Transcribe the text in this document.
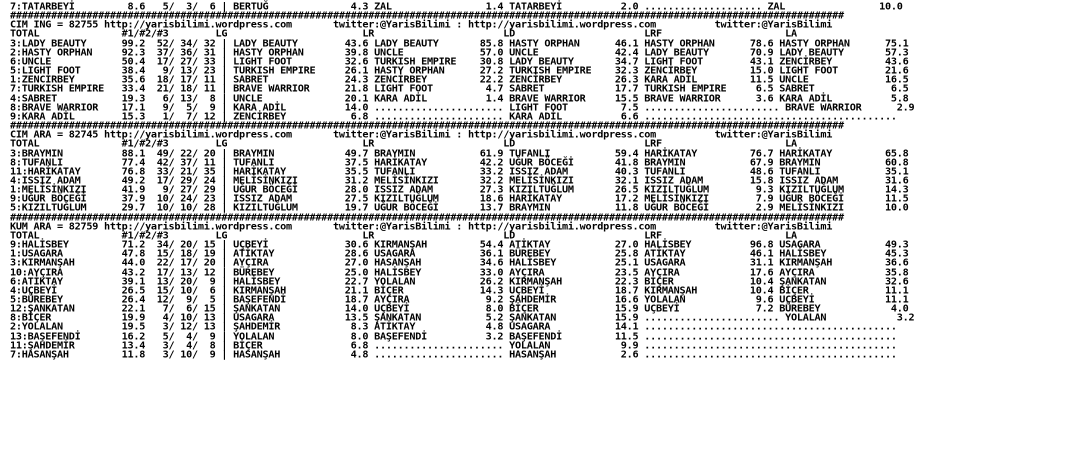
7:TATARBEYİ         8.6   5/  3/  6 | BERTUĞ              4.3 ZAL                1.4 TATARBEYİ          2.0 .................... ZAL                10.0
##############################################################################################################################################
CIM ING = 82755 http://yarisbilimi.wordpress.com       twitter:@YarisBilimi : http://yarisbilimi.wordpress.com          twitter:@YarisBilimi
TOTAL              #1/#2/#3        LG                       LR                      LD                      LRF                     LA
3:LADY BEAUTY      99.2  52/ 34/ 32 | LADY BEAUTY        43.6 LADY BEAUTY       85.8 HASTY ORPHAN      46.1 HASTY ORPHAN      78.6 HASTY ORPHAN      75.1
2:HASTY ORPHAN     92.3  37/ 36/ 31 | HASTY ORPHAN       39.8 UNCLE             57.0 UNCLE             42.4 LADY BEAUTY       70.9 LADY BEAUTY       57.3
6:UNCLE            50.4  17/ 27/ 33 | LIGHT FOOT         32.6 TURKISH EMPIRE    30.8 LADY BEAUTY       34.7 LIGHT FOOT        43.1 ZENCİRBEY         43.6
5:LIGHT FOOT       38.4   9/ 13/ 23 | TURKISH EMPIRE     26.1 HASTY ORPHAN      27.2 TURKISH EMPIRE    32.3 ZENCİRBEY         15.0 LIGHT FOOT        21.6
1:ZENCİRBEY        35.6  18/ 17/ 11 | SABRET             24.3 ZENCİRBEY         22.2 ZENCİRBEY         26.3 KARA ADİL         11.5 UNCLE             16.5
7:TURKISH EMPIRE   33.4  21/ 18/ 11 | BRAVE WARRIOR      21.8 LIGHT FOOT         4.7 SABRET            17.7 TURKISH EMPIRE     6.5 SABRET             6.5
4:SABRET           19.3   6/ 13/  8 | UNCLE              20.1 KARA ADİL          1.4 BRAVE WARRIOR     15.5 BRAVE WARRIOR      3.6 KARA ADİL          5.8
8:BRAVE WARRIOR    17.1   9/  5/  9 | KARA ADİL          14.0 ...................... LIGHT FOOT         7.5 ....................... BRAVE WARRIOR      2.9
9:KARA ADİL        15.3   1/  7/ 12 | ZENCİRBEY           6.8 ...................... KARA ADİL          6.6 ...........................................
##############################################################################################################################################
CIM ARA = 82745 http://yarisbilimi.wordpress.com       twitter:@YarisBilimi : http://yarisbilimi.wordpress.com          twitter:@YarisBilimi
TOTAL              #1/#2/#3        LG                       LR                      LD                      LRF                     LA
3:BRAYMIN          88.1  49/ 22/ 20 | BRAYMIN            49.7 BRAYMIN           61.9 TUFANLI           59.4 HARİKATAY         76.7 HARİKATAY         65.8
8:TUFANLI          77.4  42/ 37/ 11 | TUFANLI            37.5 HARİKATAY         42.2 UĞUR BÖCEĞİ       41.8 BRAYMIN           67.9 BRAYMIN           60.8
11:HARİKATAY       76.8  33/ 21/ 35 | HARİKATAY          35.5 TUFANLI           33.2 ISSIZ ADAM        40.3 TUFANLI           48.6 TUFANLI           35.1
4:ISSIZ ADAM       49.2  17/ 29/ 24 | MELİSİNKIZI        31.2 MELİSİNKIZI       32.2 MELİSİNKIZI       32.1 ISSIZ ADAM        15.8 ISSIZ ADAM        31.6
1:MELİSİNKIZI      41.9   9/ 27/ 29 | UĞUR BÖCEĞİ        28.0 ISSIZ ADAM        27.3 KIZILTUĞLUM       26.5 KIZILTUĞLUM        9.3 KIZILTUĞLUM       14.3
9:UĞUR BÖCEĞİ      37.9  10/ 24/ 23 | ISSIZ ADAM         27.5 KIZILTUĞLUM       18.6 HARİKATAY         17.2 MELİSİNKIZI        7.9 UĞUR BÖCEĞİ       11.5
5:KIZILTUĞLUM      29.7  10/ 10/ 28 | KIZILTUĞLUM        19.7 UĞUR BÖCEĞİ       13.7 BRAYMIN           11.8 UĞUR BÖCEĞİ        2.9 MELİSİNKIZI       10.0
##############################################################################################################################################
KUM ARA = 82759 http://yarisbilimi.wordpress.com       twitter:@YarisBilimi : http://yarisbilimi.wordpress.com          twitter:@YarisBilimi
TOTAL              #1/#2/#3        LG                       LR                      LD                      LRF                     LA
9:HALİSBEY         71.2  34/ 20/ 15 | UÇBEYİ             30.6 KIRMANŞAH         54.4 ATİKTAY           27.0 HALİSBEY          96.8 USAGARA           49.3
1:USAGARA          47.8  15/ 18/ 19 | ATİKTAY            28.6 USAGARA           36.1 BÜREBEY           25.8 ATİKTAY           46.1 HALİSBEY          45.3
3:KIRMANŞAH        44.0  22/ 17/ 20 | AYÇIRA             27.0 HASANŞAH          34.6 HALİSBEY          25.1 USAGARA           31.1 KIRMANŞAH         36.6
10:AYÇIRA          43.2  17/ 13/ 12 | BÜREBEY            25.0 HALİSBEY          33.0 AYÇIRA            23.5 AYÇIRA            17.6 AYÇIRA            35.8
6:ATİKTAY          39.1  13/ 20/  9 | HALİSBEY           22.7 YOLALAN           26.2 KIRMANŞAH         22.3 BİÇER             10.4 ŞANKATAN          32.6
4:UÇBEYİ           26.5  15/ 10/  6 | KIRMANŞAH          21.1 BİÇER             14.3 UÇBEYİ            18.7 KIRMANŞAH         10.4 BİÇER             11.1
5:BÜREBEY          26.4  12/  9/  5 | BAŞEFENDİ          18.7 AYÇIRA             9.2 ŞAHDEMİR          16.6 YOLALAN            9.6 UÇBEYİ            11.1
12:ŞANKATAN        22.1   7/  6/ 15 | ŞANKATAN           14.0 UÇBEYİ             8.0 BİÇER             15.9 UÇBEYİ             7.2 BÜREBEY            4.0
8:BİÇER            19.9   4/ 10/ 13 | USAGARA            13.5 ŞANKATAN           5.2 ŞANKATAN          15.9 ....................... YOLALAN            3.2
2:YOLALAN          19.5   3/ 12/ 13 | ŞAHDEMİR            8.3 ATİKTAY            4.8 USAGARA           14.1 ...........................................
13:BAŞEFENDİ       16.2   5/  4/  9 | YOLALAN             8.0 BAŞEFENDİ          3.2 BAŞEFENDİ         11.5 ...........................................
11:ŞAHDEMİR        13.4   3/  4/  8 | BİÇER               6.8 ...................... YOLALAN            9.9 ...........................................
7:HASANŞAH         11.8   3/ 10/  9 | HASANŞAH            4.8 ...................... HASANŞAH           2.6 ...........................................
